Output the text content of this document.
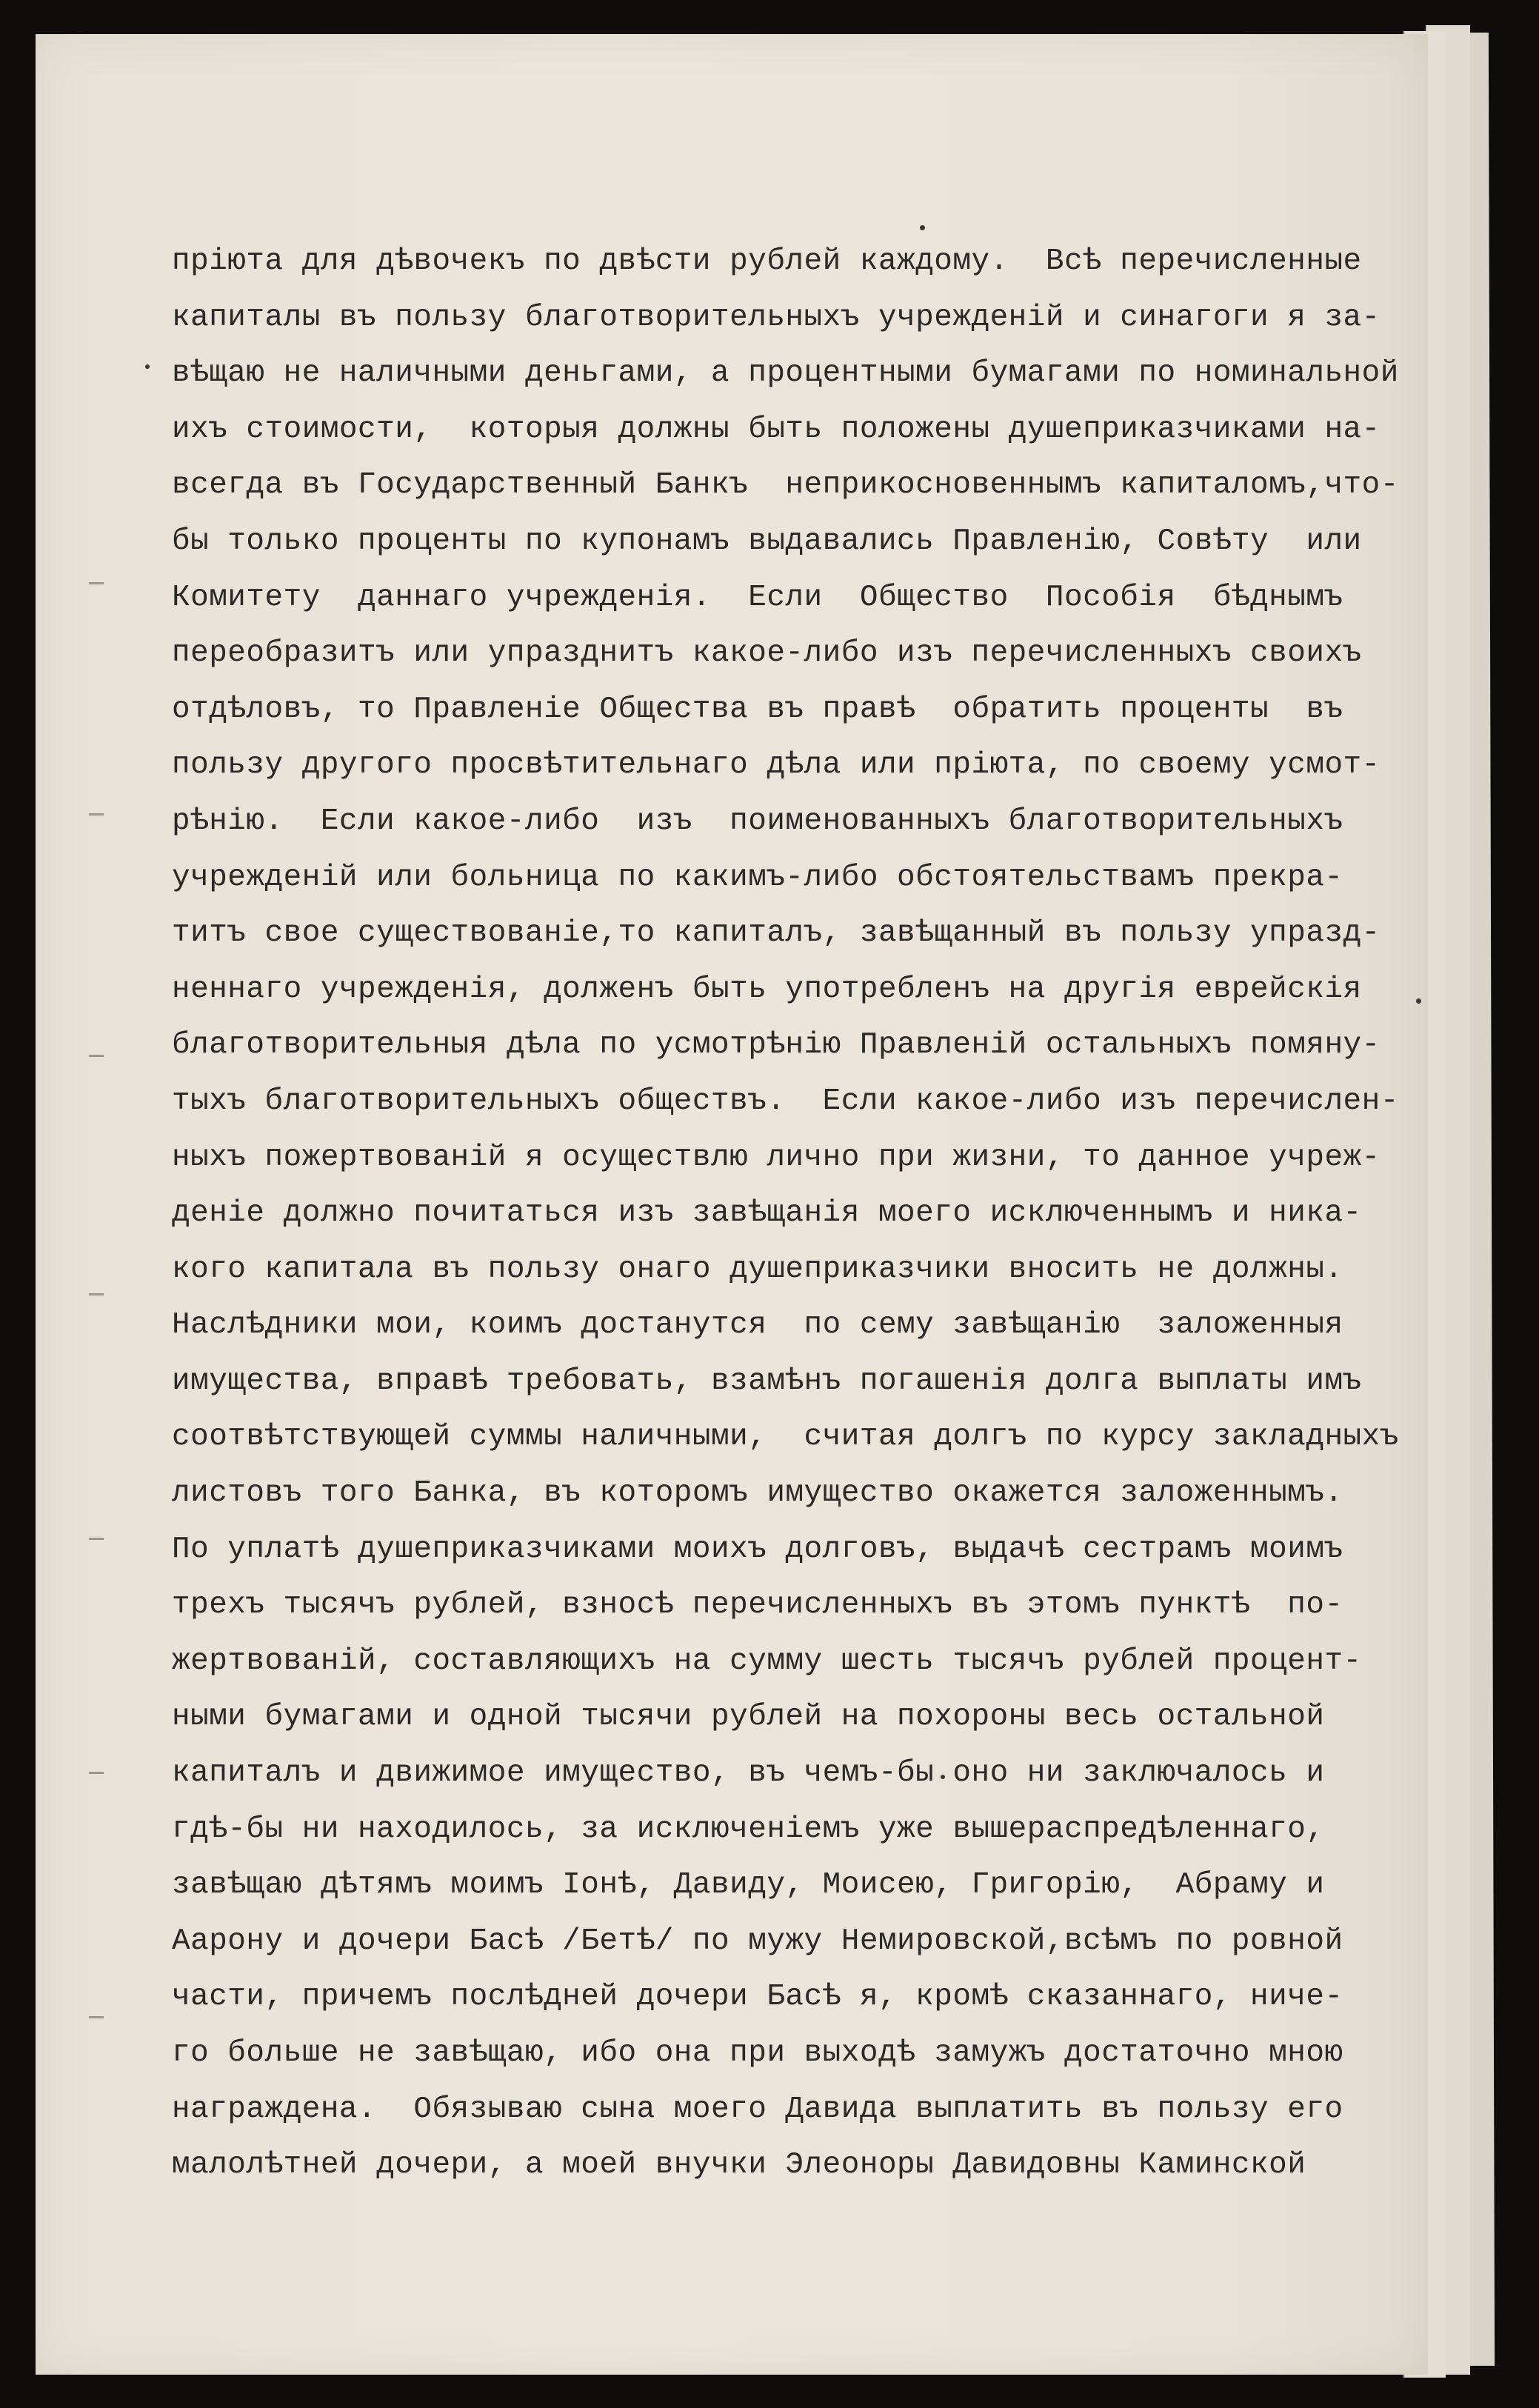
прiюта для дѣвочекъ по двѣсти рублей каждому.  Всѣ перечисленные
капиталы въ пользу благотворительныхъ учрежденiй и синагоги я за-
вѣщаю не наличными деньгами, а процентными бумагами по номинальной
ихъ стоимости,  которыя должны быть положены душеприказчиками на-
всегда въ Государственный Банкъ  неприкосновеннымъ капиталомъ,что-
бы только проценты по купонамъ выдавались Правленiю, Совѣту  или
Комитету  даннаго учрежденiя.  Если  Общество  Пособiя  бѣднымъ
переобразитъ или упразднитъ какое-либо изъ перечисленныхъ своихъ
отдѣловъ, то Правленiе Общества въ правѣ  обратить проценты  въ
пользу другого просвѣтительнаго дѣла или прiюта, по своему усмот-
рѣнiю.  Если какое-либо  изъ  поименованныхъ благотворительныхъ
учрежденiй или больница по какимъ-либо обстоятельствамъ прекра-
титъ свое существованiе,то капиталъ, завѣщанный въ пользу упразд-
неннаго учрежденiя, долженъ быть употребленъ на другiя еврейскiя
благотворительныя дѣла по усмотрѣнiю Правленiй остальныхъ помяну-
тыхъ благотворительныхъ обществъ.  Если какое-либо изъ перечислен-
ныхъ пожертвованiй я осуществлю лично при жизни, то данное учреж-
денiе должно почитаться изъ завѣщанiя моего исключеннымъ и ника-
кого капитала въ пользу онаго душеприказчики вносить не должны.
Наслѣдники мои, коимъ достанутся  по сему завѣщанiю  заложенныя
имущества, вправѣ требовать, взамѣнъ погашенiя долга выплаты имъ
соотвѣтствующей суммы наличными,  считая долгъ по курсу закладныхъ
листовъ того Банка, въ которомъ имущество окажется заложеннымъ.
По уплатѣ душеприказчиками моихъ долговъ, выдачѣ сестрамъ моимъ
трехъ тысячъ рублей, взносѣ перечисленныхъ въ этомъ пунктѣ  по-
жертвованiй, составляющихъ на сумму шесть тысячъ рублей процент-
ными бумагами и одной тысячи рублей на похороны весь остальной
капиталъ и движимое имущество, въ чемъ-бы оно ни заключалось и
гдѣ-бы ни находилось, за исключенiемъ уже вышераспредѣленнаго,
завѣщаю дѣтямъ моимъ Iонѣ, Давиду, Моисею, Григорiю,  Абраму и
Аарону и дочери Басѣ /Бетѣ/ по мужу Немировской,всѣмъ по ровной
части, причемъ послѣдней дочери Басѣ я, кромѣ сказаннаго, ниче-
го больше не завѣщаю, ибо она при выходѣ замужъ достаточно мною
награждена.  Обязываю сына моего Давида выплатить въ пользу его
малолѣтней дочери, а моей внучки Элеоноры Давидовны Каминской
